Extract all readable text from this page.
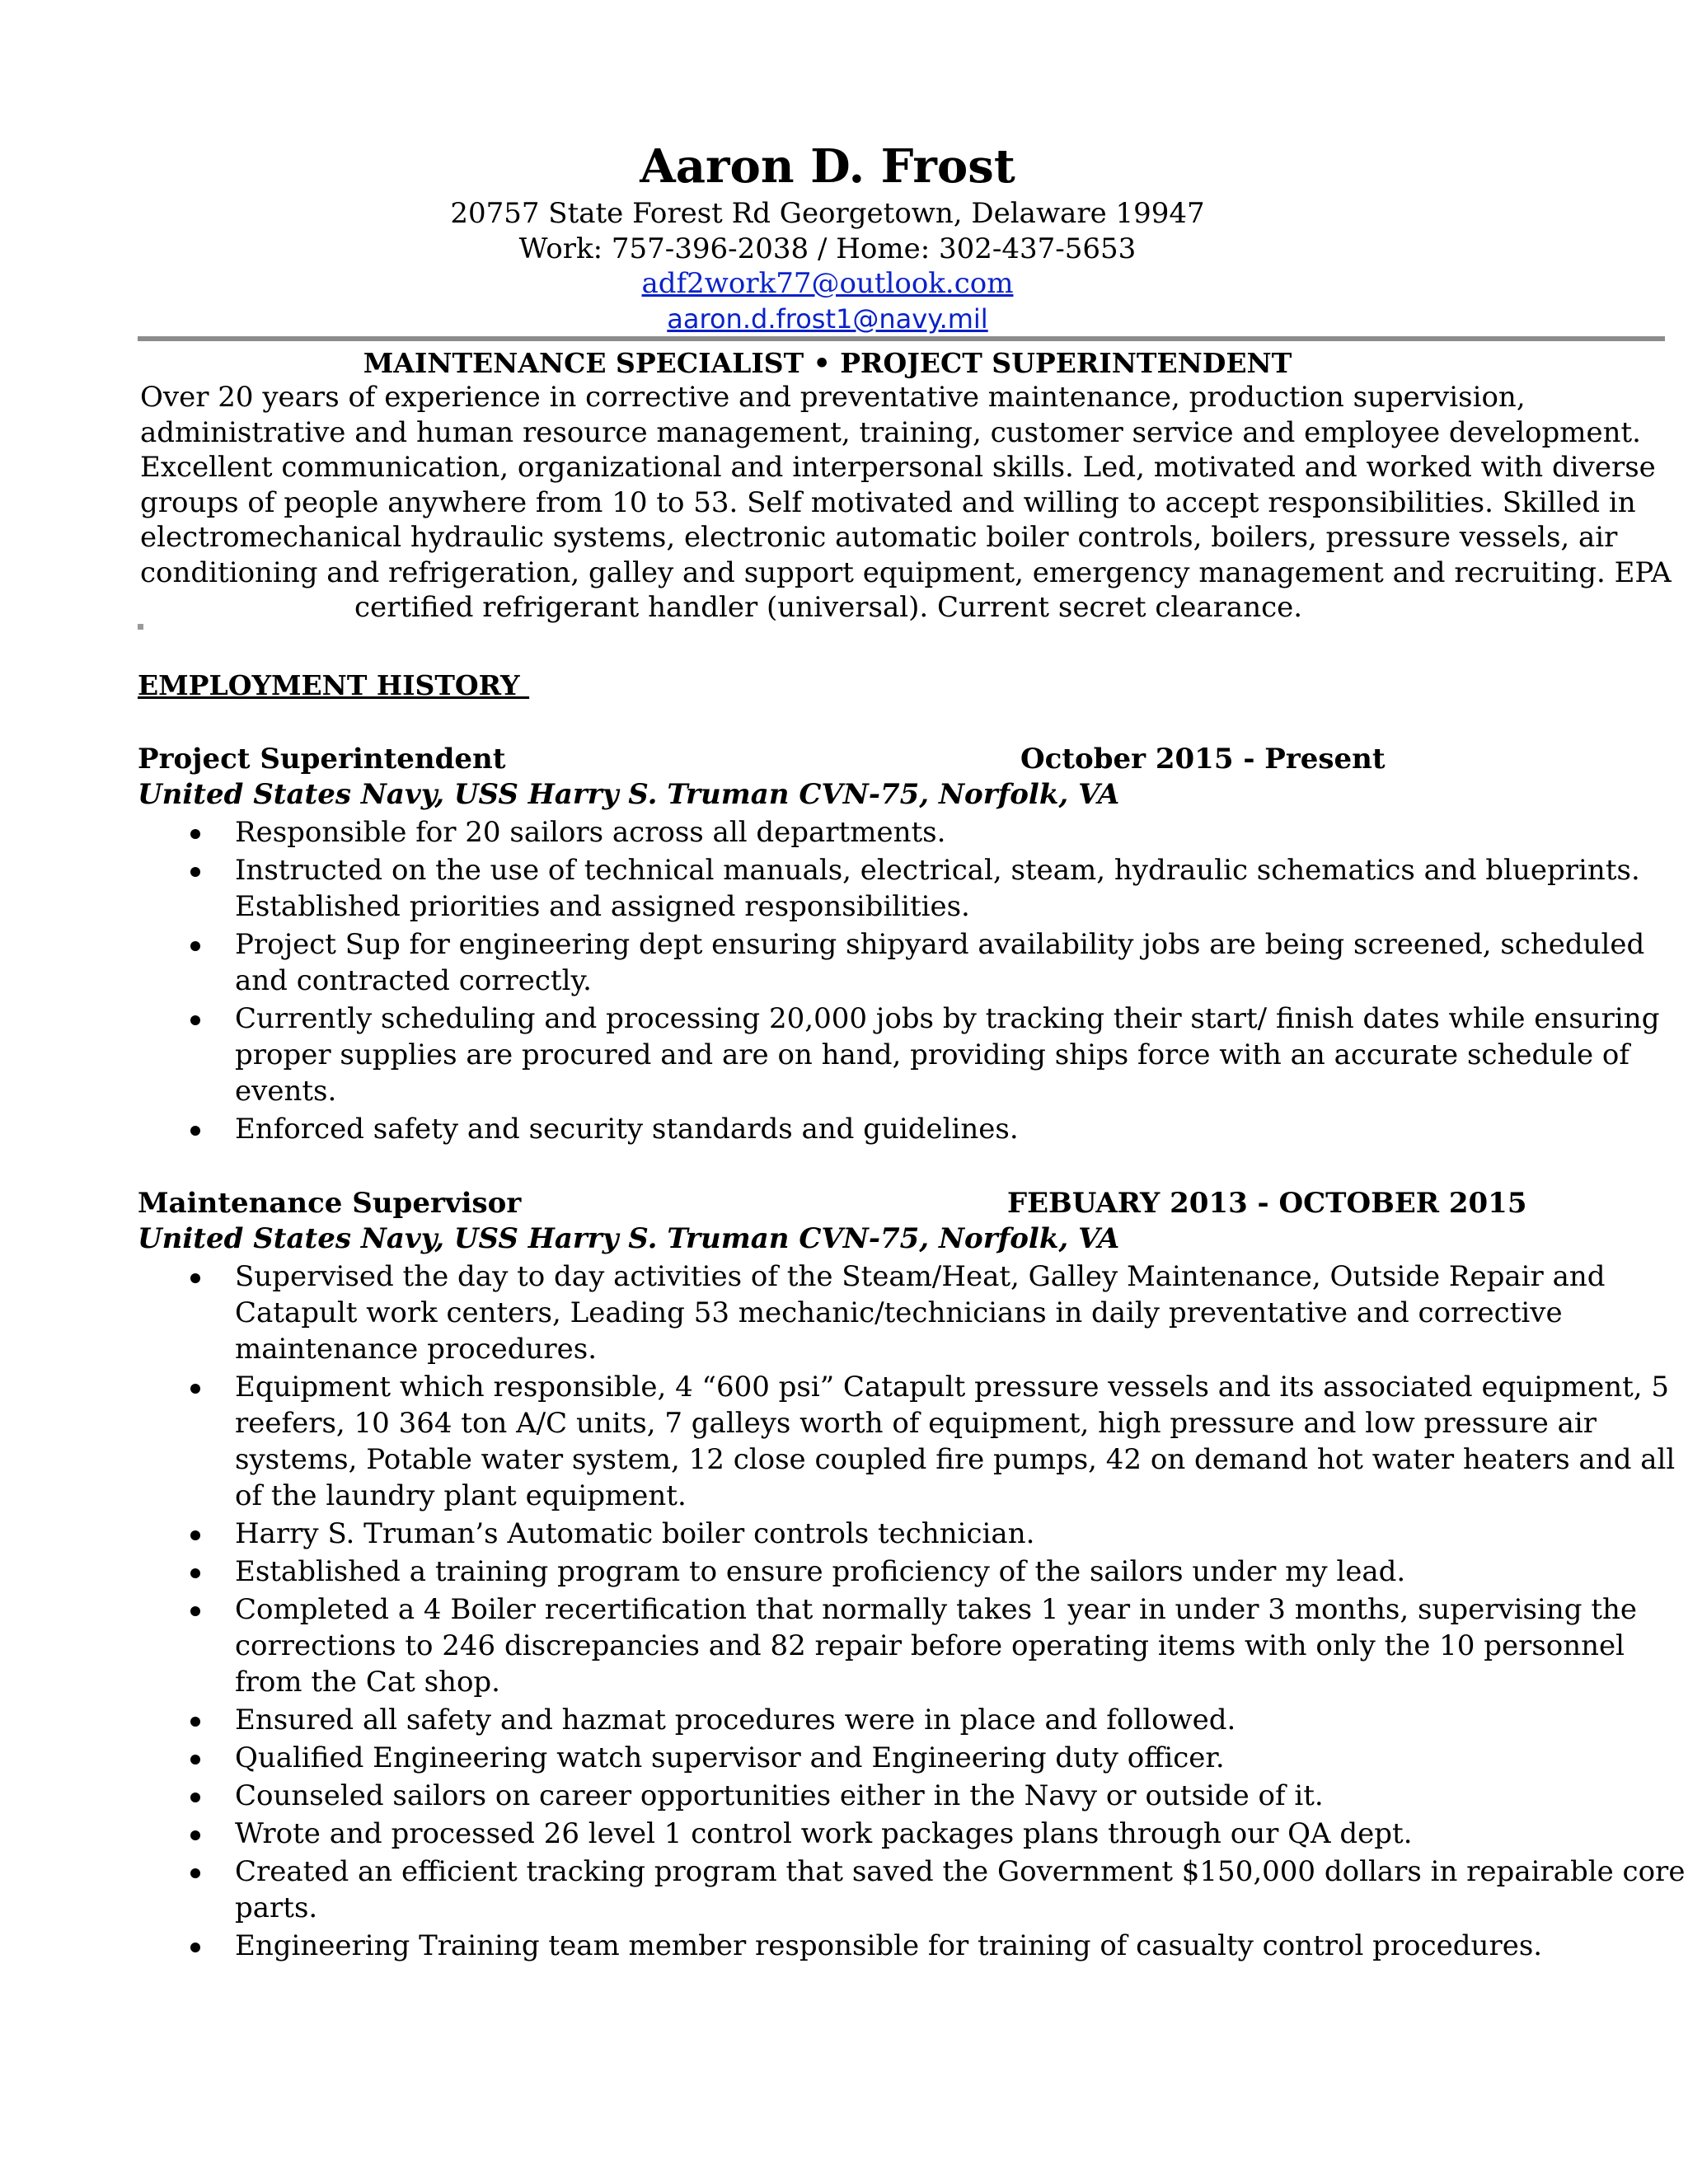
Aaron D. Frost
20757 State Forest Rd Georgetown, Delaware 19947
Work: 757-396-2038 / Home: 302-437-5653
adf2work77@outlook.com
aaron.d.frost1@navy.mil
MAINTENANCE SPECIALIST • PROJECT SUPERINTENDENT
Over 20 years of experience in corrective and preventative maintenance, production supervision,
administrative and human resource management, training, customer service and employee development.
Excellent communication, organizational and interpersonal skills. Led, motivated and worked with diverse
groups of people anywhere from 10 to 53. Self motivated and willing to accept responsibilities. Skilled in
electromechanical hydraulic systems, electronic automatic boiler controls, boilers, pressure vessels, air
conditioning and refrigeration, galley and support equipment, emergency management and recruiting. EPA
certified refrigerant handler (universal). Current secret clearance.
EMPLOYMENT HISTORY
Project Superintendent	October 2015 - Present
United States Navy, USS Harry S. Truman CVN-75, Norfolk, VA
Responsible for 20 sailors across all departments.
Instructed on the use of technical manuals, electrical, steam, hydraulic schematics and blueprints.
Established priorities and assigned responsibilities.
Project Sup for engineering dept ensuring shipyard availability jobs are being screened, scheduled
and contracted correctly.
Currently scheduling and processing 20,000 jobs by tracking their start/ finish dates while ensuring
proper supplies are procured and are on hand, providing ships force with an accurate schedule of
events.
Enforced safety and security standards and guidelines.
Maintenance Supervisor	FEBUARY 2013 - OCTOBER 2015
United States Navy, USS Harry S. Truman CVN-75, Norfolk, VA
Supervised the day to day activities of the Steam/Heat, Galley Maintenance, Outside Repair and
Catapult work centers, Leading 53 mechanic/technicians in daily preventative and corrective
maintenance procedures.
Equipment which responsible, 4 “600 psi” Catapult pressure vessels and its associated equipment, 5
reefers, 10 364 ton A/C units, 7 galleys worth of equipment, high pressure and low pressure air
systems, Potable water system, 12 close coupled fire pumps, 42 on demand hot water heaters and all
of the laundry plant equipment.
Harry S. Truman’s Automatic boiler controls technician.
Established a training program to ensure proficiency of the sailors under my lead.
Completed a 4 Boiler recertification that normally takes 1 year in under 3 months, supervising the
corrections to 246 discrepancies and 82 repair before operating items with only the 10 personnel
from the Cat shop.
Ensured all safety and hazmat procedures were in place and followed.
Qualified Engineering watch supervisor and Engineering duty officer.
Counseled sailors on career opportunities either in the Navy or outside of it.
Wrote and processed 26 level 1 control work packages plans through our QA dept.
Created an efficient tracking program that saved the Government $150,000 dollars in repairable core
parts.
Engineering Training team member responsible for training of casualty control procedures.
